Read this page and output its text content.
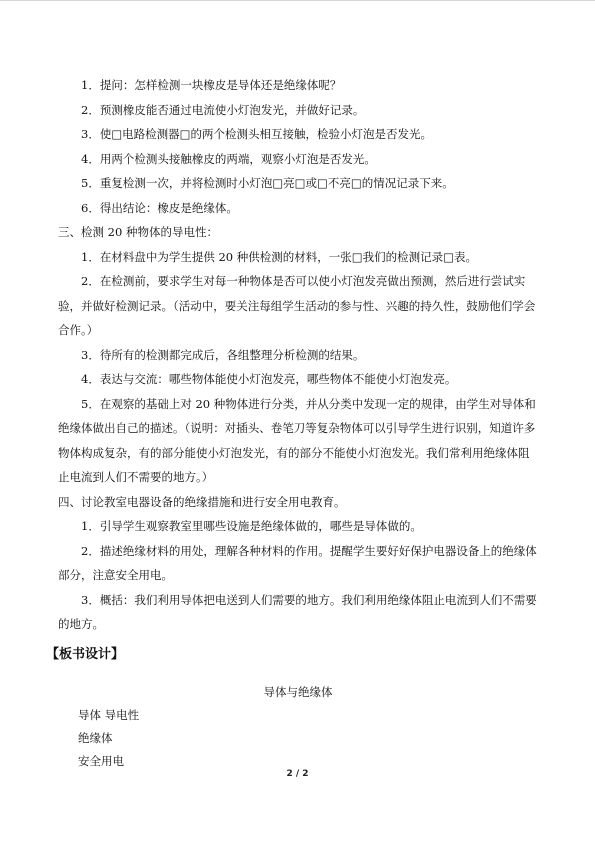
1．提问：怎样检测一块橡皮是导体还是绝缘体呢？

2．预测橡皮能否通过电流使小灯泡发光，并做好记录。

3．使□电路检测器□的两个检测头相互接触，检验小灯泡是否发光。

4．用两个检测头接触橡皮的两端，观察小灯泡是否发光。

5．重复检测一次，并将检测时小灯泡□亮□或□不亮□的情况记录下来。

6．得出结论：橡皮是绝缘体。

三、检测 20 种物体的导电性：

1．在材料盘中为学生提供 20 种供检测的材料，一张□我们的检测记录□表。

2．在检测前，要求学生对每一种物体是否可以使小灯泡发亮做出预测，然后进行尝试实验，并做好检测记录。（活动中，要关注每组学生活动的参与性、兴趣的持久性，鼓励他们学会合作。）

3．待所有的检测都完成后，各组整理分析检测的结果。

4．表达与交流：哪些物体能使小灯泡发亮，哪些物体不能使小灯泡发亮。

5．在观察的基础上对 20 种物体进行分类，并从分类中发现一定的规律，由学生对导体和绝缘体做出自己的描述。（说明：对插头、卷笔刀等复杂物体可以引导学生进行识别，知道许多物体构成复杂，有的部分能使小灯泡发光，有的部分不能使小灯泡发光。我们常利用绝缘体阻止电流到人们不需要的地方。）

四、讨论教室电器设备的绝缘措施和进行安全用电教育。

1．引导学生观察教室里哪些设施是绝缘体做的，哪些是导体做的。

2．描述绝缘材料的用处，理解各种材料的作用。提醒学生要好好保护电器设备上的绝缘体部分，注意安全用电。

3．概括：我们利用导体把电送到人们需要的地方。我们利用绝缘体阻止电流到人们不需要的地方。

【板书设计】

导体与绝缘体

导体 导电性

绝缘体

安全用电

2 / 2
